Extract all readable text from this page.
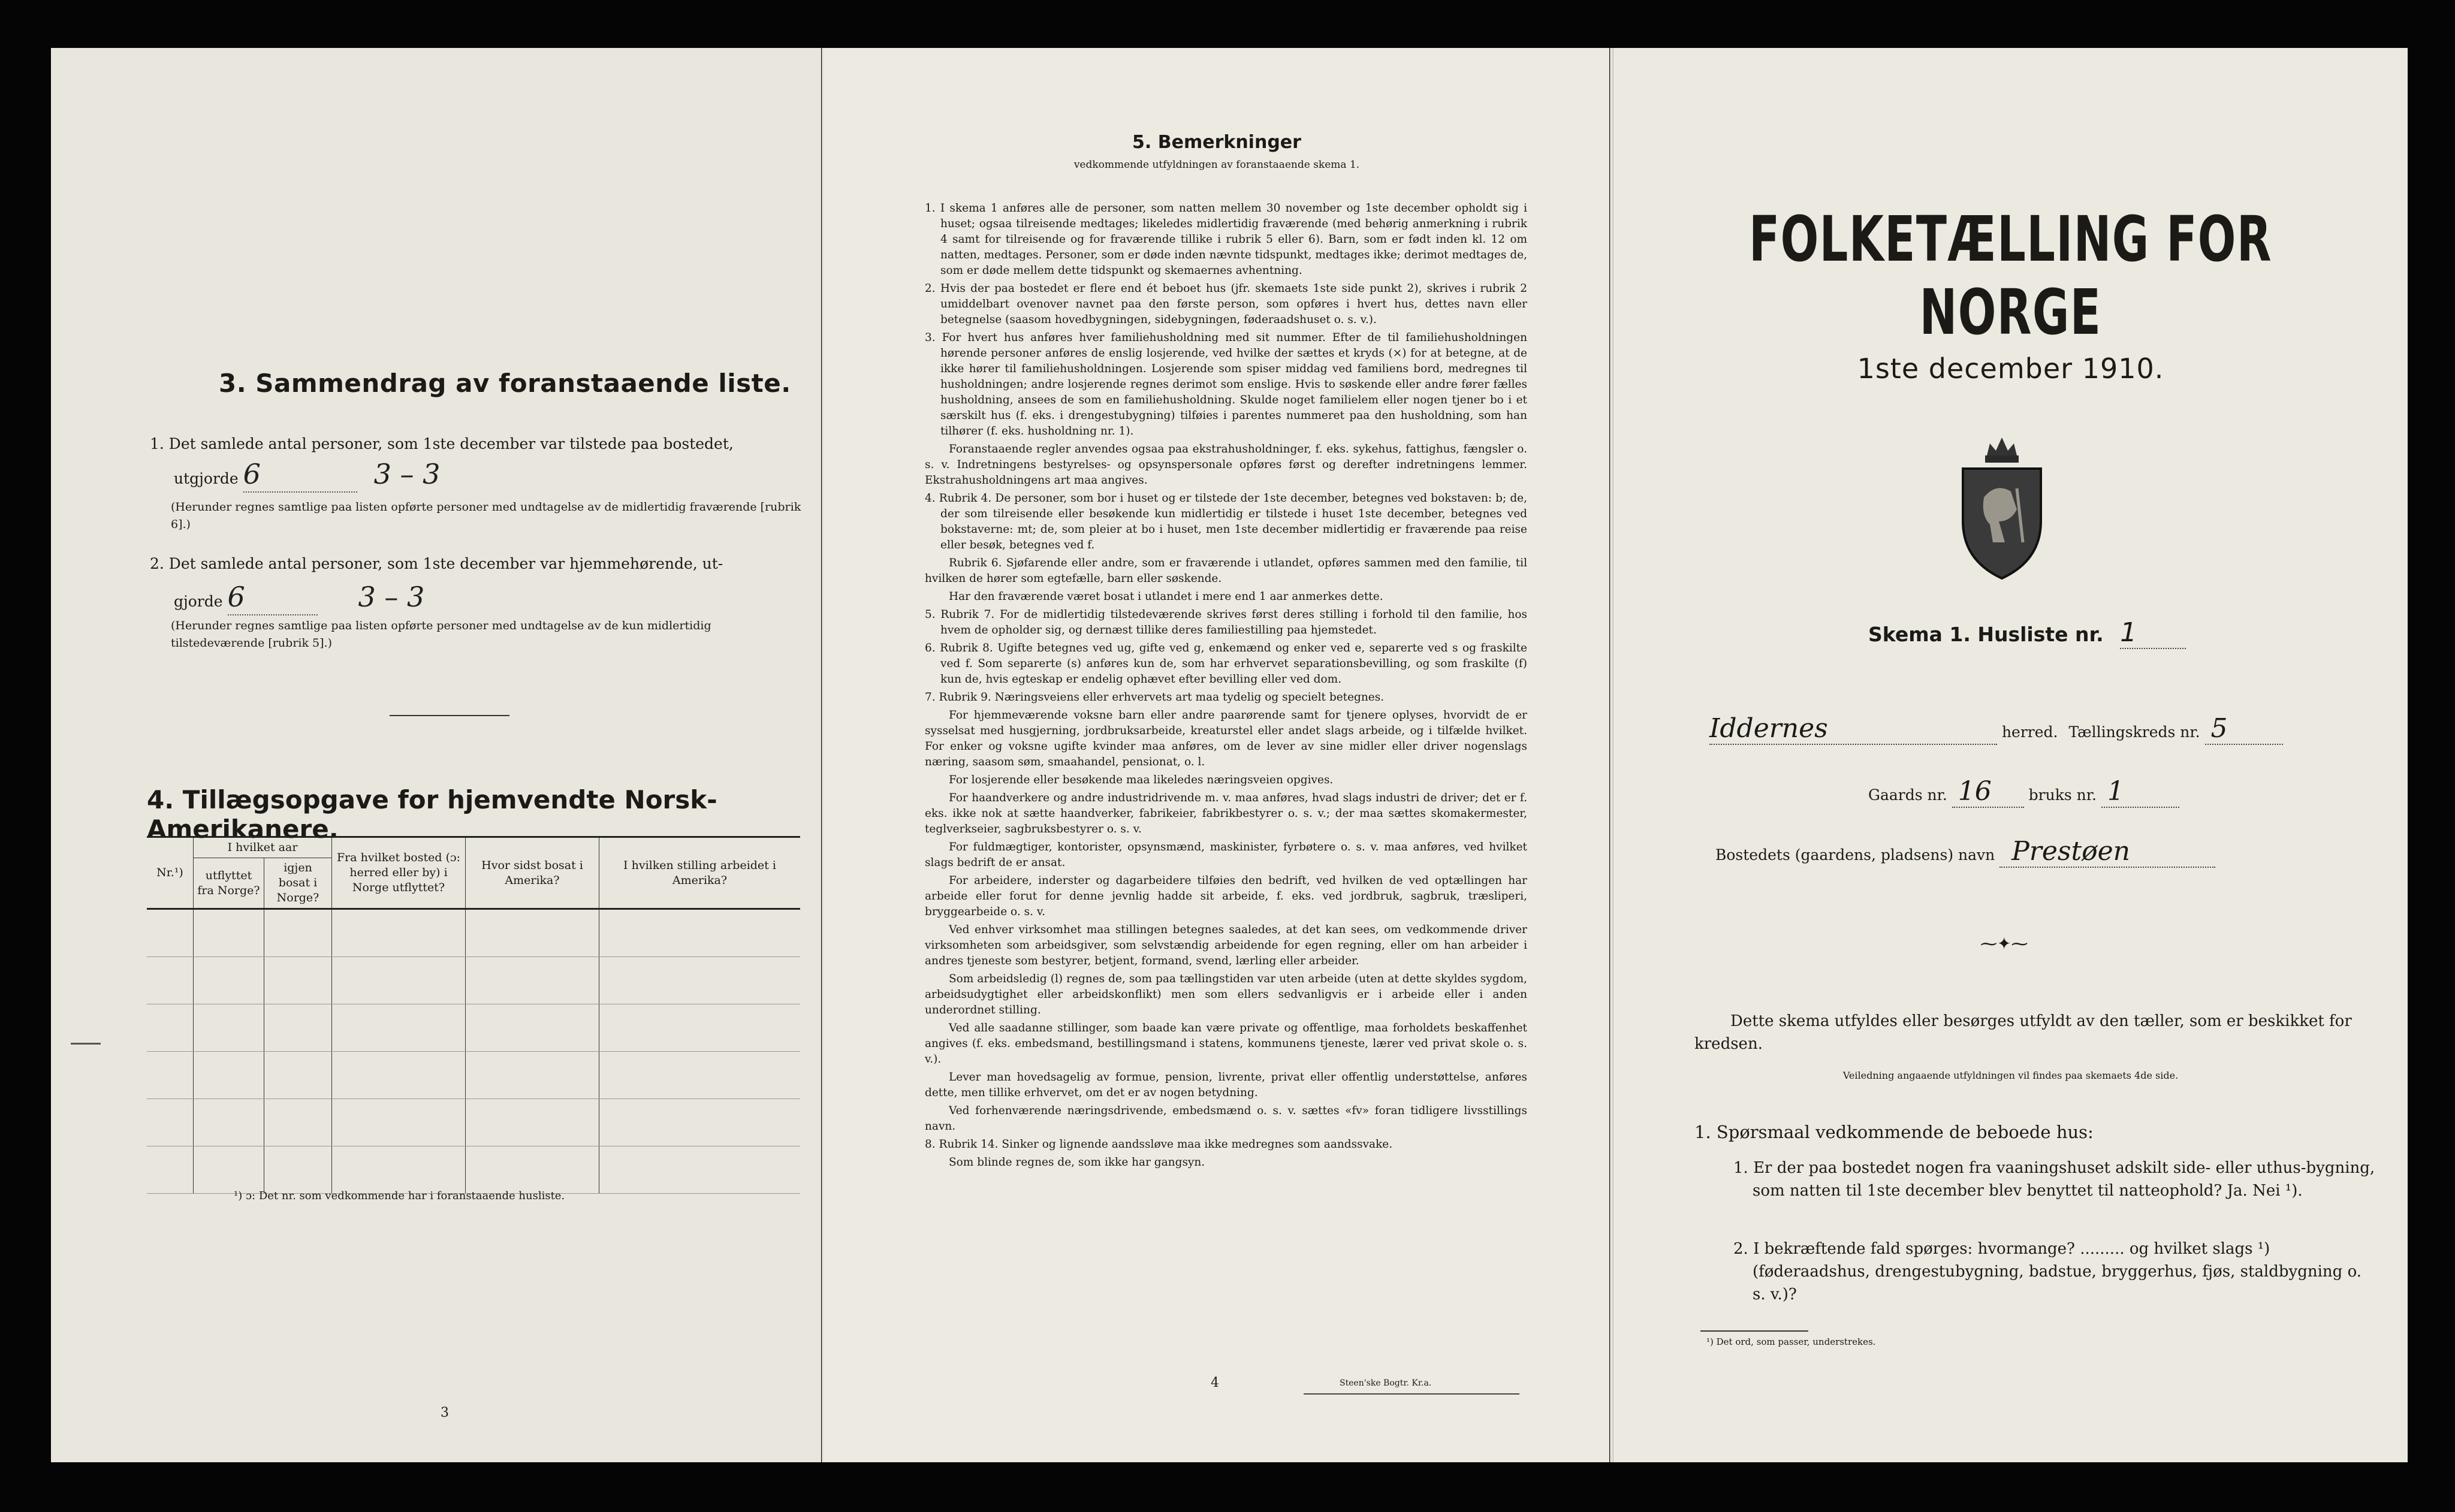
3. Sammendrag av foranstaaende liste.
1. Det samlede antal personer, som 1ste december var tilstede paa bostedet,
utgjorde 6	3 – 3
(Herunder regnes samtlige paa listen opførte personer med undtagelse av de midlertidig fraværende [rubrik 6].)
2. Det samlede antal personer, som 1ste december var hjemmehørende, ut-
gjorde 6	3 – 3
(Herunder regnes samtlige paa listen opførte personer med undtagelse av de kun midlertidig tilstedeværende [rubrik 5].)
4. Tillægsopgave for hjemvendte Norsk-Amerikanere.
Nr.¹)	I hvilket aar		Fra hvilket bosted (ɔ: herred eller by) i Norge utflyttet?	Hvor sidst bosat i Amerika?	I hvilken stilling arbeidet i Amerika?
	utflyttet fra Norge?	igjen bosat i Norge?			

¹) ɔ: Det nr. som vedkommende har i foranstaaende husliste.
3
5. Bemerkninger
vedkommende utfyldningen av foranstaaende skema 1.

1. I skema 1 anføres alle de personer, som natten mellem 30 november og 1ste december opholdt sig i huset; ogsaa tilreisende medtages; likeledes midlertidig fraværende (med behørig anmerkning i rubrik 4 samt for tilreisende og for fraværende tillike i rubrik 5 eller 6). Barn, som er født inden kl. 12 om natten, medtages. Personer, som er døde inden nævnte tidspunkt, medtages ikke; derimot medtages de, som er døde mellem dette tidspunkt og skemaernes avhentning.

2. Hvis der paa bostedet er flere end ét beboet hus (jfr. skemaets 1ste side punkt 2), skrives i rubrik 2 umiddelbart ovenover navnet paa den første person, som opføres i hvert hus, dettes navn eller betegnelse (saasom hovedbygningen, sidebygningen, føderaadshuset o. s. v.).

3. For hvert hus anføres hver familiehusholdning med sit nummer. Efter de til familiehusholdningen hørende personer anføres de enslig losjerende, ved hvilke der sættes et kryds (×) for at betegne, at de ikke hører til familiehusholdningen. Losjerende som spiser middag ved familiens bord, medregnes til husholdningen; andre losjerende regnes derimot som enslige. Hvis to søskende eller andre fører fælles husholdning, ansees de som en familiehusholdning. Skulde noget familielem eller nogen tjener bo i et særskilt hus (f. eks. i drengestubygning) tilføies i parentes nummeret paa den husholdning, som han tilhører (f. eks. husholdning nr. 1).

Foranstaaende regler anvendes ogsaa paa ekstrahusholdninger, f. eks. sykehus, fattighus, fængsler o. s. v. Indretningens bestyrelses- og opsynspersonale opføres først og derefter indretningens lemmer. Ekstrahusholdningens art maa angives.

4. Rubrik 4. De personer, som bor i huset og er tilstede der 1ste december, betegnes ved bokstaven: b; de, der som tilreisende eller besøkende kun midlertidig er tilstede i huset 1ste december, betegnes ved bokstaverne: mt; de, som pleier at bo i huset, men 1ste december midlertidig er fraværende paa reise eller besøk, betegnes ved f.

Rubrik 6. Sjøfarende eller andre, som er fraværende i utlandet, opføres sammen med den familie, til hvilken de hører som egtefælle, barn eller søskende.

Har den fraværende været bosat i utlandet i mere end 1 aar anmerkes dette.

5. Rubrik 7. For de midlertidig tilstedeværende skrives først deres stilling i forhold til den familie, hos hvem de opholder sig, og dernæst tillike deres familiestilling paa hjemstedet.

6. Rubrik 8. Ugifte betegnes ved ug, gifte ved g, enkemænd og enker ved e, separerte ved s og fraskilte ved f. Som separerte (s) anføres kun de, som har erhvervet separationsbevilling, og som fraskilte (f) kun de, hvis egteskap er endelig ophævet efter bevilling eller ved dom.

7. Rubrik 9. Næringsveiens eller erhvervets art maa tydelig og specielt betegnes.

For hjemmeværende voksne barn eller andre paarørende samt for tjenere oplyses, hvorvidt de er sysselsat med husgjerning, jordbruksarbeide, kreaturstel eller andet slags arbeide, og i tilfælde hvilket. For enker og voksne ugifte kvinder maa anføres, om de lever av sine midler eller driver nogenslags næring, saasom søm, smaahandel, pensionat, o. l.

For losjerende eller besøkende maa likeledes næringsveien opgives.

For haandverkere og andre industridrivende m. v. maa anføres, hvad slags industri de driver; det er f. eks. ikke nok at sætte haandverker, fabrikeier, fabrikbestyrer o. s. v.; der maa sættes skomakermester, teglverkseier, sagbruksbestyrer o. s. v.

For fuldmægtiger, kontorister, opsynsmænd, maskinister, fyrbøtere o. s. v. maa anføres, ved hvilket slags bedrift de er ansat.

For arbeidere, inderster og dagarbeidere tilføies den bedrift, ved hvilken de ved optællingen har arbeide eller forut for denne jevnlig hadde sit arbeide, f. eks. ved jordbruk, sagbruk, træsliperi, bryggearbeide o. s. v.

Ved enhver virksomhet maa stillingen betegnes saaledes, at det kan sees, om vedkommende driver virksomheten som arbeidsgiver, som selvstændig arbeidende for egen regning, eller om han arbeider i andres tjeneste som bestyrer, betjent, formand, svend, lærling eller arbeider.

Som arbeidsledig (l) regnes de, som paa tællingstiden var uten arbeide (uten at dette skyldes sygdom, arbeidsudygtighet eller arbeidskonflikt) men som ellers sedvanligvis er i arbeide eller i anden underordnet stilling.

Ved alle saadanne stillinger, som baade kan være private og offentlige, maa forholdets beskaffenhet angives (f. eks. embedsmand, bestillingsmand i statens, kommunens tjeneste, lærer ved privat skole o. s. v.).

Lever man hovedsagelig av formue, pension, livrente, privat eller offentlig understøttelse, anføres dette, men tillike erhvervet, om det er av nogen betydning.

Ved forhenværende næringsdrivende, embedsmænd o. s. v. sættes «fv» foran tidligere livsstillings navn.

8. Rubrik 14. Sinker og lignende aandssløve maa ikke medregnes som aandssvake.

Som blinde regnes de, som ikke har gangsyn.

4	Steen'ske Bogtr. Kr.a.
FOLKETÆLLING FOR NORGE
1ste december 1910.
Skema 1. Husliste nr. 1
Iddernes	herred. Tællingskreds nr. 5
Gaards nr. 16 bruks nr. 1
Bostedets (gaardens, pladsens) navn Prestøen
⁓✦⁓
Dette skema utfyldes eller besørges utfyldt av den tæller, som er beskikket for kredsen.
Veiledning angaaende utfyldningen vil findes paa skemaets 4de side.
1. Spørsmaal vedkommende de beboede hus:
1. Er der paa bostedet nogen fra vaaningshuset adskilt side- eller uthus-bygning, som natten til 1ste december blev benyttet til natteophold? Ja. Nei ¹).
2. I bekræftende fald spørges: hvormange? ......... og hvilket slags ¹) (føderaadshus, drengestubygning, badstue, bryggerhus, fjøs, staldbygning o. s. v.)?
¹) Det ord, som passer, understrekes.
